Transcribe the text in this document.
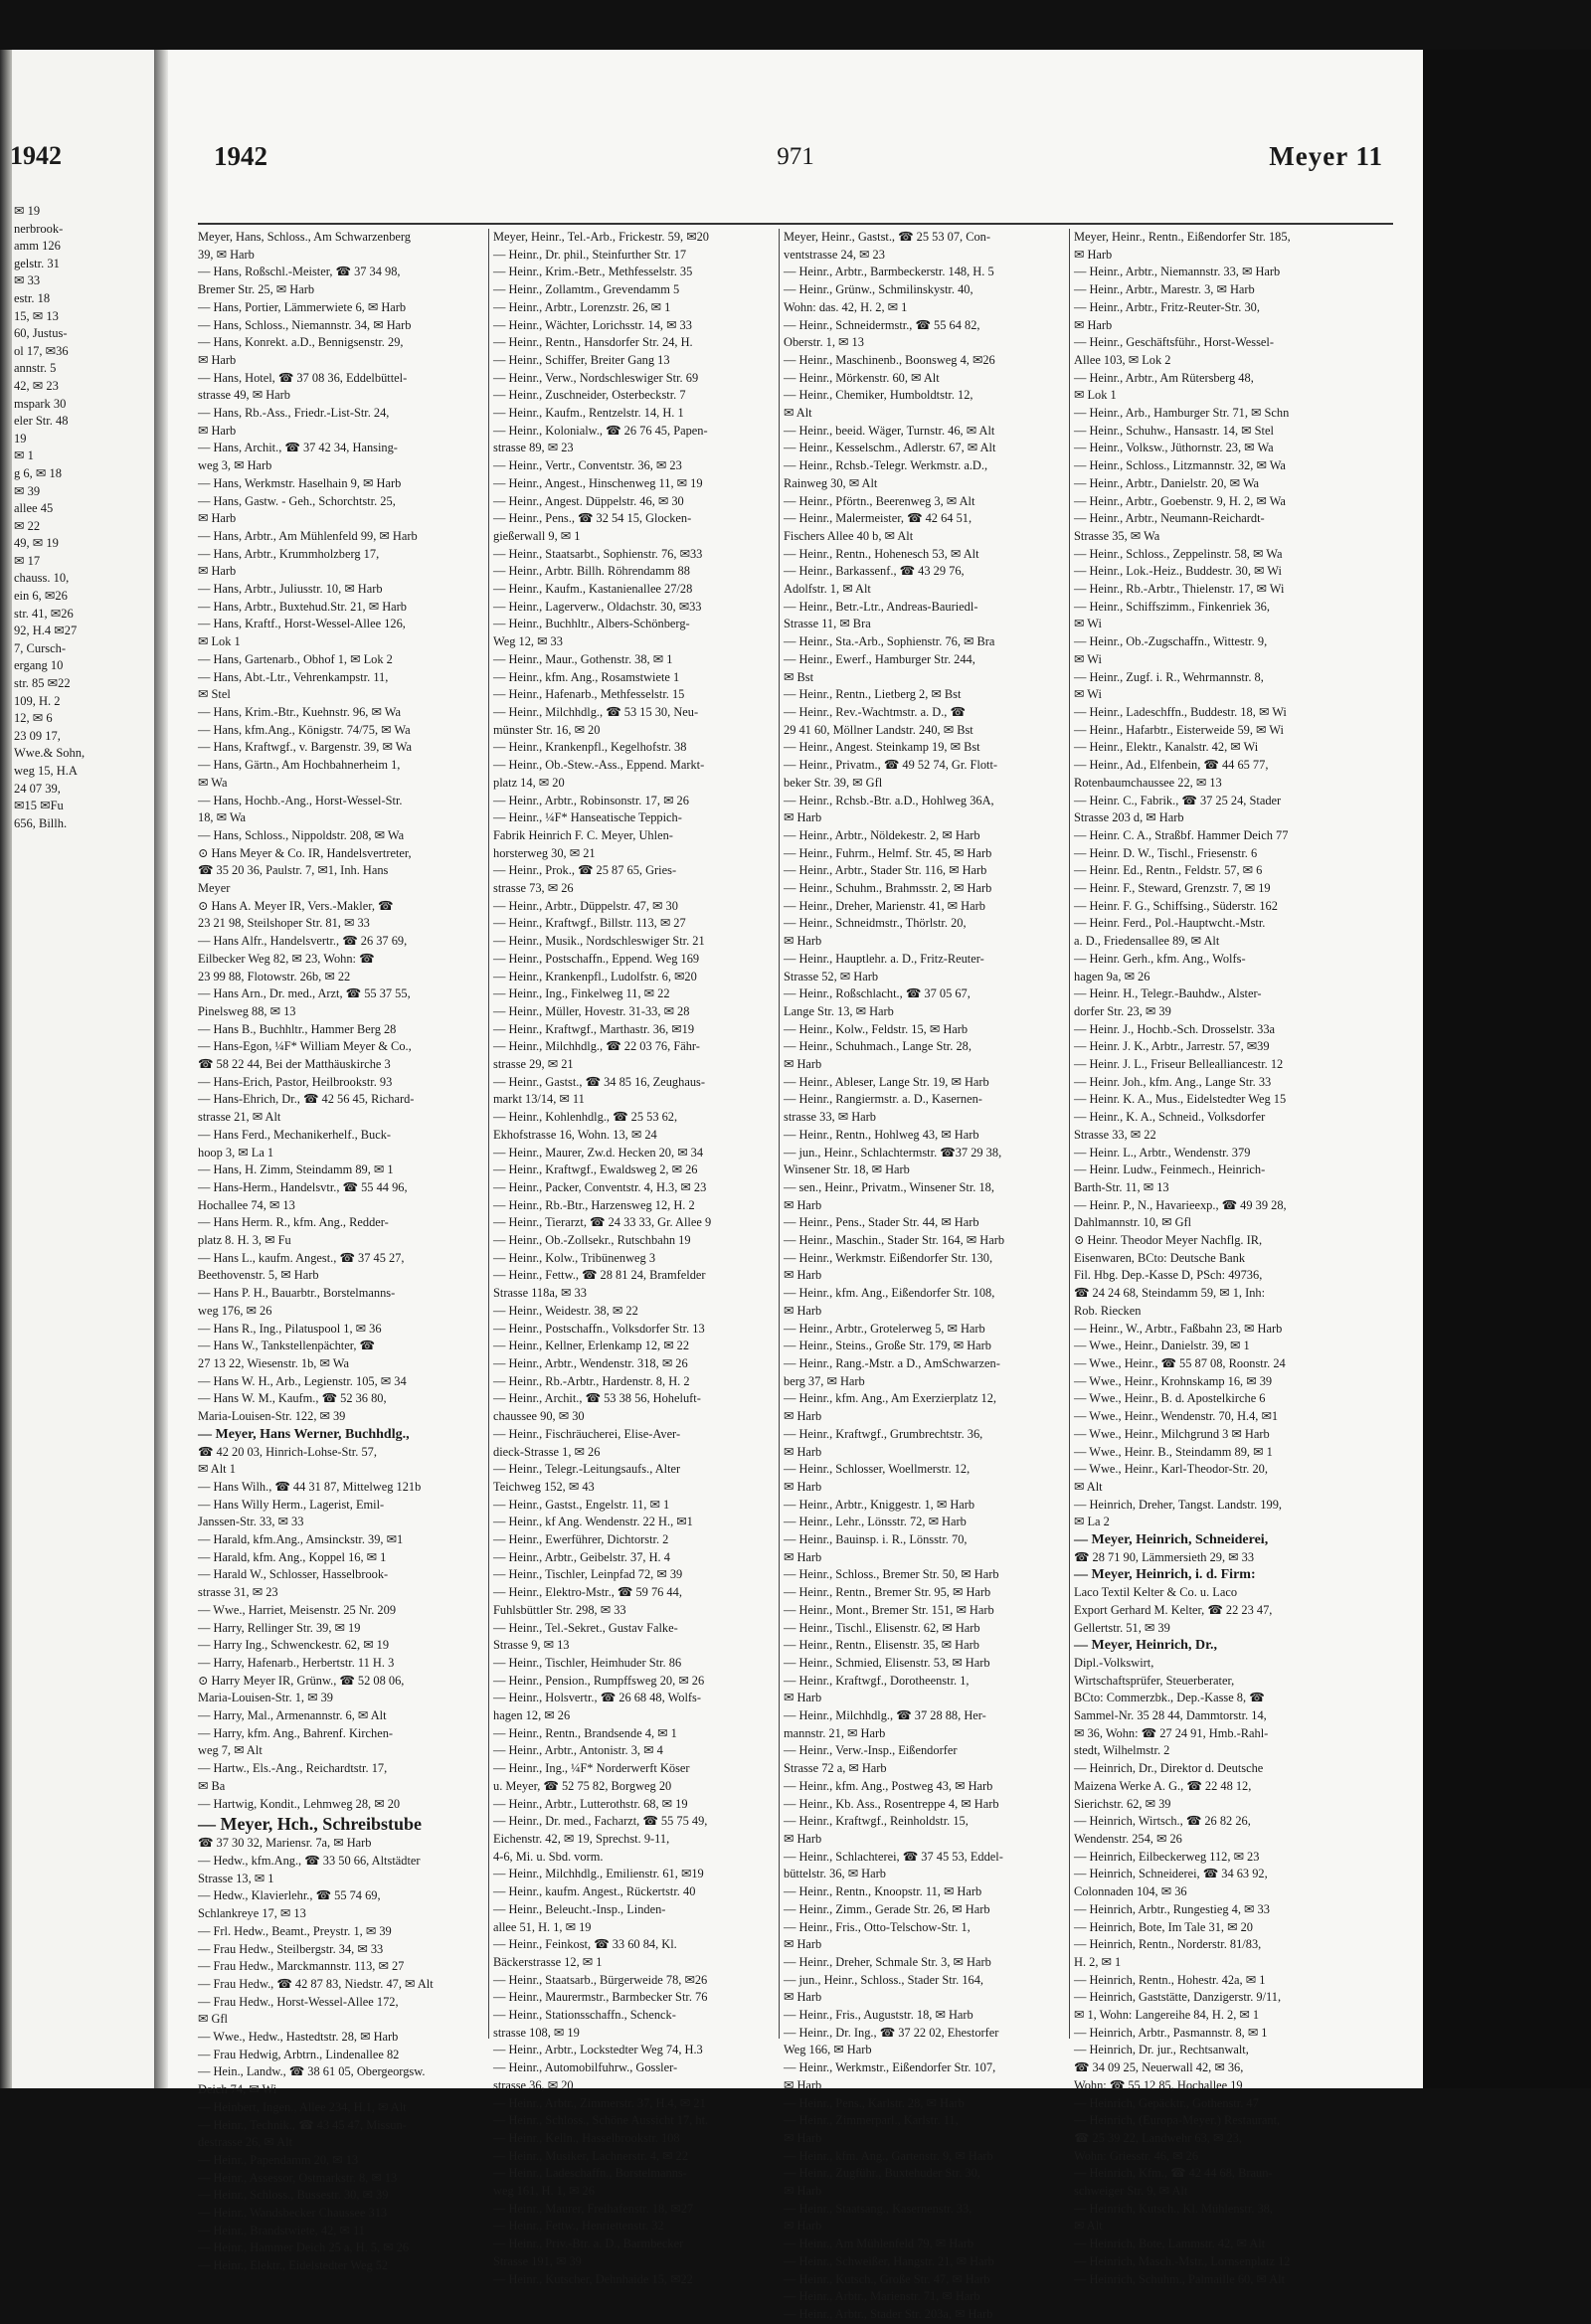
1942
✉ 19
nerbrook-
amm 126
gelstr. 31
✉ 33
estr. 18
15, ✉ 13
60, Justus-
ol 17, ✉36
annstr. 5
42, ✉ 23
mspark 30
eler Str. 48
19
✉ 1
g 6, ✉ 18
✉ 39
allee 45
✉ 22
49, ✉ 19
✉ 17
chauss. 10,
ein 6, ✉26
str. 41, ✉26
92, H.4 ✉27
7, Cursch-
ergang 10
str. 85 ✉22
109, H. 2
12, ✉ 6
23 09 17,
Wwe.& Sohn,
weg 15, H.A
24 07 39,
✉15 ✉Fu
656, Billh.
1942	971	Meyer 11
Meyer, Hans, Schloss., Am Schwarzenberg
39, ✉ Harb
— Hans, Roßschl.-Meister, ☎ 37 34 98,
Bremer Str. 25, ✉ Harb
— Hans, Portier, Lämmerwiete 6, ✉ Harb
— Hans, Schloss., Niemannstr. 34, ✉ Harb
— Hans, Konrekt. a.D., Bennigsenstr. 29,
✉ Harb
— Hans, Hotel, ☎ 37 08 36, Eddelbüttel-
strasse 49, ✉ Harb
— Hans, Rb.-Ass., Friedr.-List-Str. 24,
✉ Harb
— Hans, Archit., ☎ 37 42 34, Hansing-
weg 3, ✉ Harb
— Hans, Werkmstr. Haselhain 9, ✉ Harb
— Hans, Gastw. - Geh., Schorchtstr. 25,
✉ Harb
— Hans, Arbtr., Am Mühlenfeld 99, ✉ Harb
— Hans, Arbtr., Krummholzberg 17,
✉ Harb
— Hans, Arbtr., Juliusstr. 10, ✉ Harb
— Hans, Arbtr., Buxtehud.Str. 21, ✉ Harb
— Hans, Kraftf., Horst-Wessel-Allee 126,
✉ Lok 1
— Hans, Gartenarb., Obhof 1, ✉ Lok 2
— Hans, Abt.-Ltr., Vehrenkampstr. 11,
✉ Stel
— Hans, Krim.-Btr., Kuehnstr. 96, ✉ Wa
— Hans, kfm.Ang., Königstr. 74/75, ✉ Wa
— Hans, Kraftwgf., v. Bargenstr. 39, ✉ Wa
— Hans, Gärtn., Am Hochbahnerheim 1,
✉ Wa
— Hans, Hochb.-Ang., Horst-Wessel-Str.
18, ✉ Wa
— Hans, Schloss., Nippoldstr. 208, ✉ Wa
⊙ Hans Meyer & Co. IR, Handelsvertreter,
☎ 35 20 36, Paulstr. 7, ✉1, Inh. Hans
Meyer
⊙ Hans A. Meyer IR, Vers.-Makler, ☎
23 21 98, Steilshoper Str. 81, ✉ 33
— Hans Alfr., Handelsvertr., ☎ 26 37 69,
Eilbecker Weg 82, ✉ 23, Wohn: ☎
23 99 88, Flotowstr. 26b, ✉ 22
— Hans Arn., Dr. med., Arzt, ☎ 55 37 55,
Pinelsweg 88, ✉ 13
— Hans B., Buchhltr., Hammer Berg 28
— Hans-Egon, ¼F* William Meyer & Co.,
☎ 58 22 44, Bei der Matthäuskirche 3
— Hans-Erich, Pastor, Heilbrookstr. 93
— Hans-Ehrich, Dr., ☎ 42 56 45, Richard-
strasse 21, ✉ Alt
— Hans Ferd., Mechanikerhelf., Buck-
hoop 3, ✉ La 1
— Hans, H. Zimm, Steindamm 89, ✉ 1
— Hans-Herm., Handelsvtr., ☎ 55 44 96,
Hochallee 74, ✉ 13
— Hans Herm. R., kfm. Ang., Redder-
platz 8. H. 3, ✉ Fu
— Hans L., kaufm. Angest., ☎ 37 45 27,
Beethovenstr. 5, ✉ Harb
— Hans P. H., Bauarbtr., Borstelmanns-
weg 176, ✉ 26
— Hans R., Ing., Pilatuspool 1, ✉ 36
— Hans W., Tankstellenpächter, ☎
27 13 22, Wiesenstr. 1b, ✉ Wa
— Hans W. H., Arb., Legienstr. 105, ✉ 34
— Hans W. M., Kaufm., ☎ 52 36 80,
Maria-Louisen-Str. 122, ✉ 39
— Meyer, Hans Werner, Buchhdlg.,
☎ 42 20 03, Hinrich-Lohse-Str. 57,
✉ Alt 1
— Hans Wilh., ☎ 44 31 87, Mittelweg 121b
— Hans Willy Herm., Lagerist, Emil-
Janssen-Str. 33, ✉ 33
— Harald, kfm.Ang., Amsinckstr. 39, ✉1
— Harald, kfm. Ang., Koppel 16, ✉ 1
— Harald W., Schlosser, Hasselbrook-
strasse 31, ✉ 23
— Wwe., Harriet, Meisenstr. 25 Nr. 209
— Harry, Rellinger Str. 39, ✉ 19
— Harry Ing., Schwenckestr. 62, ✉ 19
— Harry, Hafenarb., Herbertstr. 11 H. 3
⊙ Harry Meyer IR, Grünw., ☎ 52 08 06,
Maria-Louisen-Str. 1, ✉ 39
— Harry, Mal., Armenannstr. 6, ✉ Alt
— Harry, kfm. Ang., Bahrenf. Kirchen-
weg 7, ✉ Alt
— Hartw., Els.-Ang., Reichardtstr. 17,
✉ Ba
— Hartwig, Kondit., Lehmweg 28, ✉ 20
— Meyer, Hch., Schreibstube
☎ 37 30 32, Mariensr. 7a, ✉ Harb
— Hedw., kfm.Ang., ☎ 33 50 66, Altstädter
Strasse 13, ✉ 1
— Hedw., Klavierlehr., ☎ 55 74 69,
Schlankreye 17, ✉ 13
— Frl. Hedw., Beamt., Preystr. 1, ✉ 39
— Frau Hedw., Steilbergstr. 34, ✉ 33
— Frau Hedw., Marckmannstr. 113, ✉ 27
— Frau Hedw., ☎ 42 87 83, Niedstr. 47, ✉ Alt
— Frau Hedw., Horst-Wessel-Allee 172,
✉ Gfl
— Wwe., Hedw., Hastedtstr. 28, ✉ Harb
— Frau Hedwig, Arbtrn., Lindenallee 82
— Hein., Landw., ☎ 38 61 05, Obergeorgsw.
Deich 74, ✉ Wi
— Heinbert, Ingen., Allee 234, H.1, ✉ Alt
— Heinr., Technik., ☎ 43 45 47, Missun-
destrasse 26, ✉ Alt
— Heinr., Papendamm 20, ✉ 13
— Heinr., Assessor, Ostmarkstr. 8, ✉ 13
— Heinr., Schloss., Bussestr. 30, ✉ 39
— Heinr., Wandsbecker Chaussee 313
— Heinr., Brandstwiete, 42, ✉ 11
— Heinr., Hammer Deich 25 a, H. 5, ✉ 26
— Heinr., Elektr., Eidelstedter Weg 52
Meyer, Heinr., Tel.-Arb., Frickestr. 59, ✉20
— Heinr., Dr. phil., Steinfurther Str. 17
— Heinr., Krim.-Betr., Methfesselstr. 35
— Heinr., Zollamtm., Grevendamm 5
— Heinr., Arbtr., Lorenzstr. 26, ✉ 1
— Heinr., Wächter, Lorichsstr. 14, ✉ 33
— Heinr., Rentn., Hansdorfer Str. 24, H.
— Heinr., Schiffer, Breiter Gang 13
— Heinr., Verw., Nordschleswiger Str. 69
— Heinr., Zuschneider, Osterbeckstr. 7
— Heinr., Kaufm., Rentzelstr. 14, H. 1
— Heinr., Kolonialw., ☎ 26 76 45, Papen-
strasse 89, ✉ 23
— Heinr., Vertr., Conventstr. 36, ✉ 23
— Heinr., Angest., Hinschenweg 11, ✉ 19
— Heinr., Angest. Düppelstr. 46, ✉ 30
— Heinr., Pens., ☎ 32 54 15, Glocken-
gießerwall 9, ✉ 1
— Heinr., Staatsarbt., Sophienstr. 76, ✉33
— Heinr., Arbtr. Billh. Röhrendamm 88
— Heinr., Kaufm., Kastanienallee 27/28
— Heinr., Lagerverw., Oldachstr. 30, ✉33
— Heinr., Buchhltr., Albers-Schönberg-
Weg 12, ✉ 33
— Heinr., Maur., Gothenstr. 38, ✉ 1
— Heinr., kfm. Ang., Rosamstwiete 1
— Heinr., Hafenarb., Methfesselstr. 15
— Heinr., Milchhdlg., ☎ 53 15 30, Neu-
münster Str. 16, ✉ 20
— Heinr., Krankenpfl., Kegelhofstr. 38
— Heinr., Ob.-Stew.-Ass., Eppend. Markt-
platz 14, ✉ 20
— Heinr., Arbtr., Robinsonstr. 17, ✉ 26
— Heinr., ¼F* Hanseatische Teppich-
Fabrik Heinrich F. C. Meyer, Uhlen-
horsterweg 30, ✉ 21
— Heinr., Prok., ☎ 25 87 65, Gries-
strasse 73, ✉ 26
— Heinr., Arbtr., Düppelstr. 47, ✉ 30
— Heinr., Kraftwgf., Billstr. 113, ✉ 27
— Heinr., Musik., Nordschleswiger Str. 21
— Heinr., Postschaffn., Eppend. Weg 169
— Heinr., Krankenpfl., Ludolfstr. 6, ✉20
— Heinr., Ing., Finkelweg 11, ✉ 22
— Heinr., Müller, Hovestr. 31-33, ✉ 28
— Heinr., Kraftwgf., Marthastr. 36, ✉19
— Heinr., Milchhdlg., ☎ 22 03 76, Fähr-
strasse 29, ✉ 21
— Heinr., Gastst., ☎ 34 85 16, Zeughaus-
markt 13/14, ✉ 11
— Heinr., Kohlenhdlg., ☎ 25 53 62,
Ekhofstrasse 16, Wohn. 13, ✉ 24
— Heinr., Maurer, Zw.d. Hecken 20, ✉ 34
— Heinr., Kraftwgf., Ewaldsweg 2, ✉ 26
— Heinr., Packer, Conventstr. 4, H.3, ✉ 23
— Heinr., Rb.-Btr., Harzensweg 12, H. 2
— Heinr., Tierarzt, ☎ 24 33 33, Gr. Allee 9
— Heinr., Ob.-Zollsekr., Rutschbahn 19
— Heinr., Kolw., Tribünenweg 3
— Heinr., Fettw., ☎ 28 81 24, Bramfelder
Strasse 118a, ✉ 33
— Heinr., Weidestr. 38, ✉ 22
— Heinr., Postschaffn., Volksdorfer Str. 13
— Heinr., Kellner, Erlenkamp 12, ✉ 22
— Heinr., Arbtr., Wendenstr. 318, ✉ 26
— Heinr., Rb.-Arbtr., Hardenstr. 8, H. 2
— Heinr., Archit., ☎ 53 38 56, Hoheluft-
chaussee 90, ✉ 30
— Heinr., Fischräucherei, Elise-Aver-
dieck-Strasse 1, ✉ 26
— Heinr., Telegr.-Leitungsaufs., Alter
Teichweg 152, ✉ 43
— Heinr., Gastst., Engelstr. 11, ✉ 1
— Heinr., kf Ang. Wendenstr. 22 H., ✉1
— Heinr., Ewerführer, Dichtorstr. 2
— Heinr., Arbtr., Geibelstr. 37, H. 4
— Heinr., Tischler, Leinpfad 72, ✉ 39
— Heinr., Elektro-Mstr., ☎ 59 76 44,
Fuhlsbüttler Str. 298, ✉ 33
— Heinr., Tel.-Sekret., Gustav Falke-
Strasse 9, ✉ 13
— Heinr., Tischler, Heimhuder Str. 86
— Heinr., Pension., Rumpffsweg 20, ✉ 26
— Heinr., Holsvertr., ☎ 26 68 48, Wolfs-
hagen 12, ✉ 26
— Heinr., Rentn., Brandsende 4, ✉ 1
— Heinr., Arbtr., Antonistr. 3, ✉ 4
— Heinr., Ing., ¼F* Norderwerft Köser
u. Meyer, ☎ 52 75 82, Borgweg 20
— Heinr., Arbtr., Lutterothstr. 68, ✉ 19
— Heinr., Dr. med., Facharzt, ☎ 55 75 49,
Eichenstr. 42, ✉ 19, Sprechst. 9-11,
4-6, Mi. u. Sbd. vorm.
— Heinr., Milchhdlg., Emilienstr. 61, ✉19
— Heinr., kaufm. Angest., Rückertstr. 40
— Heinr., Beleucht.-Insp., Linden-
allee 51, H. 1, ✉ 19
— Heinr., Feinkost, ☎ 33 60 84, Kl.
Bäckerstrasse 12, ✉ 1
— Heinr., Staatsarb., Bürgerweide 78, ✉26
— Heinr., Maurermstr., Barmbecker Str. 76
— Heinr., Stationsschaffn., Schenck-
strasse 108, ✉ 19
— Heinr., Arbtr., Lockstedter Weg 74, H.3
— Heinr., Automobilfuhrw., Gossler-
strasse 36, ✉ 20
— Heinr., Arbtr., Zimmerstr. 37, H.4, ✉ 21
— Heinr., Schloss., Schöne Aussicht 17, ht.
— Heinr., Kelln., Hasselbrookstr. 108
— Heinr., Musiker, Lachnerstr. 4, ✉ 22
— Heinr., Ladeschaffn., Borstelmanns-
weg 161, H. 1, ✉ 26
— Heinr., Maurer, Freihafenstr. 18, ✉27
— Heinr., Fettw., Henriettenstr. 32
— Heinr., Priv.-Btr. a. D., Barmbecker
Strasse 191, ✉ 39
— Heinr., Kutscher, Dehnhaide 15, ✉22
Meyer, Heinr., Gastst., ☎ 25 53 07, Con-
ventstrasse 24, ✉ 23
— Heinr., Arbtr., Barmbeckerstr. 148, H. 5
— Heinr., Grünw., Schmilinskystr. 40,
Wohn: das. 42, H. 2, ✉ 1
— Heinr., Schneidermstr., ☎ 55 64 82,
Oberstr. 1, ✉ 13
— Heinr., Maschinenb., Boonsweg 4, ✉26
— Heinr., Mörkenstr. 60, ✉ Alt
— Heinr., Chemiker, Humboldtstr. 12,
✉ Alt
— Heinr., beeid. Wäger, Turnstr. 46, ✉ Alt
— Heinr., Kesselschm., Adlerstr. 67, ✉ Alt
— Heinr., Rchsb.-Telegr. Werkmstr. a.D.,
Rainweg 30, ✉ Alt
— Heinr., Pförtn., Beerenweg 3, ✉ Alt
— Heinr., Malermeister, ☎ 42 64 51,
Fischers Allee 40 b, ✉ Alt
— Heinr., Rentn., Hohenesch 53, ✉ Alt
— Heinr., Barkassenf., ☎ 43 29 76,
Adolfstr. 1, ✉ Alt
— Heinr., Betr.-Ltr., Andreas-Bauriedl-
Strasse 11, ✉ Bra
— Heinr., Sta.-Arb., Sophienstr. 76, ✉ Bra
— Heinr., Ewerf., Hamburger Str. 244,
✉ Bst
— Heinr., Rentn., Lietberg 2, ✉ Bst
— Heinr., Rev.-Wachtmstr. a. D., ☎
29 41 60, Möllner Landstr. 240, ✉ Bst
— Heinr., Angest. Steinkamp 19, ✉ Bst
— Heinr., Privatm., ☎ 49 52 74, Gr. Flott-
beker Str. 39, ✉ Gfl
— Heinr., Rchsb.-Btr. a.D., Hohlweg 36A,
✉ Harb
— Heinr., Arbtr., Nöldekestr. 2, ✉ Harb
— Heinr., Fuhrm., Helmf. Str. 45, ✉ Harb
— Heinr., Arbtr., Stader Str. 116, ✉ Harb
— Heinr., Schuhm., Brahmsstr. 2, ✉ Harb
— Heinr., Dreher, Marienstr. 41, ✉ Harb
— Heinr., Schneidmstr., Thörlstr. 20,
✉ Harb
— Heinr., Hauptlehr. a. D., Fritz-Reuter-
Strasse 52, ✉ Harb
— Heinr., Roßschlacht., ☎ 37 05 67,
Lange Str. 13, ✉ Harb
— Heinr., Kolw., Feldstr. 15, ✉ Harb
— Heinr., Schuhmach., Lange Str. 28,
✉ Harb
— Heinr., Ableser, Lange Str. 19, ✉ Harb
— Heinr., Rangiermstr. a. D., Kasernen-
strasse 33, ✉ Harb
— Heinr., Rentn., Hohlweg 43, ✉ Harb
— jun., Heinr., Schlachtermstr. ☎37 29 38,
Winsener Str. 18, ✉ Harb
— sen., Heinr., Privatm., Winsener Str. 18,
✉ Harb
— Heinr., Pens., Stader Str. 44, ✉ Harb
— Heinr., Maschin., Stader Str. 164, ✉ Harb
— Heinr., Werkmstr. Eißendorfer Str. 130,
✉ Harb
— Heinr., kfm. Ang., Eißendorfer Str. 108,
✉ Harb
— Heinr., Arbtr., Grotelerweg 5, ✉ Harb
— Heinr., Steins., Große Str. 179, ✉ Harb
— Heinr., Rang.-Mstr. a D., AmSchwarzen-
berg 37, ✉ Harb
— Heinr., kfm. Ang., Am Exerzierplatz 12,
✉ Harb
— Heinr., Kraftwgf., Grumbrechtstr. 36,
✉ Harb
— Heinr., Schlosser, Woellmerstr. 12,
✉ Harb
— Heinr., Arbtr., Kniggestr. 1, ✉ Harb
— Heinr., Lehr., Lönsstr. 72, ✉ Harb
— Heinr., Bauinsp. i. R., Lönsstr. 70,
✉ Harb
— Heinr., Schloss., Bremer Str. 50, ✉ Harb
— Heinr., Rentn., Bremer Str. 95, ✉ Harb
— Heinr., Mont., Bremer Str. 151, ✉ Harb
— Heinr., Tischl., Elisenstr. 62, ✉ Harb
— Heinr., Rentn., Elisenstr. 35, ✉ Harb
— Heinr., Schmied, Elisenstr. 53, ✉ Harb
— Heinr., Kraftwgf., Dorotheenstr. 1,
✉ Harb
— Heinr., Milchhdlg., ☎ 37 28 88, Her-
mannstr. 21, ✉ Harb
— Heinr., Verw.-Insp., Eißendorfer
Strasse 72 a, ✉ Harb
— Heinr., kfm. Ang., Postweg 43, ✉ Harb
— Heinr., Kb. Ass., Rosentreppe 4, ✉ Harb
— Heinr., Kraftwgf., Reinholdstr. 15,
✉ Harb
— Heinr., Schlachterei, ☎ 37 45 53, Eddel-
büttelstr. 36, ✉ Harb
— Heinr., Rentn., Knoopstr. 11, ✉ Harb
— Heinr., Zimm., Gerade Str. 26, ✉ Harb
— Heinr., Fris., Otto-Telschow-Str. 1,
✉ Harb
— Heinr., Dreher, Schmale Str. 3, ✉ Harb
— jun., Heinr., Schloss., Stader Str. 164,
✉ Harb
— Heinr., Fris., Auguststr. 18, ✉ Harb
— Heinr., Dr. Ing., ☎ 37 22 02, Ehestorfer
Weg 166, ✉ Harb
— Heinr., Werkmstr., Eißendorfer Str. 107,
✉ Harb
— Heinr., Pens., Karlstr. 28, ✉ Harb
— Heinr., Zimmerparl., Karlstr. 11,
✉ Harb
— Heinr., kfm. Ang., Gartenstr. 9, ✉ Harb
— Heinr., Zugführ., Buxtehuder Str. 30,
✉ Harb
— Heinr., Staatsang., Kasernenstr. 33,
✉ Harb
— Heinr., Am Mühlenfeld 79, ✉ Harb
— Heinr., Schweißer, Hangstr. 21, ✉ Harb
— Heinr., Kutsch., Große Str. 47, ✉ Harb
— Heinr., Arbtr., Marienstr. 71, ✉ Harb
— Heinr., Arbtr., Stader Str. 203a, ✉ Harb
Meyer, Heinr., Rentn., Eißendorfer Str. 185,
✉ Harb
— Heinr., Arbtr., Niemannstr. 33, ✉ Harb
— Heinr., Arbtr., Marestr. 3, ✉ Harb
— Heinr., Arbtr., Fritz-Reuter-Str. 30,
✉ Harb
— Heinr., Geschäftsführ., Horst-Wessel-
Allee 103, ✉ Lok 2
— Heinr., Arbtr., Am Rütersberg 48,
✉ Lok 1
— Heinr., Arb., Hamburger Str. 71, ✉ Schn
— Heinr., Schuhw., Hansastr. 14, ✉ Stel
— Heinr., Volksw., Jüthornstr. 23, ✉ Wa
— Heinr., Schloss., Litzmannstr. 32, ✉ Wa
— Heinr., Arbtr., Danielstr. 20, ✉ Wa
— Heinr., Arbtr., Goebenstr. 9, H. 2, ✉ Wa
— Heinr., Arbtr., Neumann-Reichardt-
Strasse 35, ✉ Wa
— Heinr., Schloss., Zeppelinstr. 58, ✉ Wa
— Heinr., Lok.-Heiz., Buddestr. 30, ✉ Wi
— Heinr., Rb.-Arbtr., Thielenstr. 17, ✉ Wi
— Heinr., Schiffszimm., Finkenriek 36,
✉ Wi
— Heinr., Ob.-Zugschaffn., Wittestr. 9,
✉ Wi
— Heinr., Zugf. i. R., Wehrmannstr. 8,
✉ Wi
— Heinr., Ladeschffn., Buddestr. 18, ✉ Wi
— Heinr., Hafarbtr., Eisterweide 59, ✉ Wi
— Heinr., Elektr., Kanalstr. 42, ✉ Wi
— Heinr., Ad., Elfenbein, ☎ 44 65 77,
Rotenbaumchaussee 22, ✉ 13
— Heinr. C., Fabrik., ☎ 37 25 24, Stader
Strasse 203 d, ✉ Harb
— Heinr. C. A., Straßbf. Hammer Deich 77
— Heinr. D. W., Tischl., Friesenstr. 6
— Heinr. Ed., Rentn., Feldstr. 57, ✉ 6
— Heinr. F., Steward, Grenzstr. 7, ✉ 19
— Heinr. F. G., Schiffsing., Süderstr. 162
— Heinr. Ferd., Pol.-Hauptwcht.-Mstr.
a. D., Friedensallee 89, ✉ Alt
— Heinr. Gerh., kfm. Ang., Wolfs-
hagen 9a, ✉ 26
— Heinr. H., Telegr.-Bauhdw., Alster-
dorfer Str. 23, ✉ 39
— Heinr. J., Hochb.-Sch. Drosselstr. 33a
— Heinr. J. K., Arbtr., Jarrestr. 57, ✉39
— Heinr. J. L., Friseur Bellealliancestr. 12
— Heinr. Joh., kfm. Ang., Lange Str. 33
— Heinr. K. A., Mus., Eidelstedter Weg 15
— Heinr., K. A., Schneid., Volksdorfer
Strasse 33, ✉ 22
— Heinr. L., Arbtr., Wendenstr. 379
— Heinr. Ludw., Feinmech., Heinrich-
Barth-Str. 11, ✉ 13
— Heinr. P., N., Havarieexp., ☎ 49 39 28,
Dahlmannstr. 10, ✉ Gfl
⊙ Heinr. Theodor Meyer Nachflg. IR,
Eisenwaren, BCto: Deutsche Bank
Fil. Hbg. Dep.-Kasse D, PSch: 49736,
☎ 24 24 68, Steindamm 59, ✉ 1, Inh:
Rob. Riecken
— Heinr., W., Arbtr., Faßbahn 23, ✉ Harb
— Wwe., Heinr., Danielstr. 39, ✉ 1
— Wwe., Heinr., ☎ 55 87 08, Roonstr. 24
— Wwe., Heinr., Krohnskamp 16, ✉ 39
— Wwe., Heinr., B. d. Apostelkirche 6
— Wwe., Heinr., Wendenstr. 70, H.4, ✉1
— Wwe., Heinr., Milchgrund 3 ✉ Harb
— Wwe., Heinr. B., Steindamm 89, ✉ 1
— Wwe., Heinr., Karl-Theodor-Str. 20,
✉ Alt
— Heinrich, Dreher, Tangst. Landstr. 199,
✉ La 2
— Meyer, Heinrich, Schneiderei,
☎ 28 71 90, Lämmersieth 29, ✉ 33
— Meyer, Heinrich, i. d. Firm:
Laco Textil Kelter & Co. u. Laco
Export Gerhard M. Kelter, ☎ 22 23 47,
Gellertstr. 51, ✉ 39
— Meyer, Heinrich, Dr.,
Dipl.-Volkswirt,
Wirtschaftsprüfer, Steuerberater,
BCto: Commerzbk., Dep.-Kasse 8, ☎
Sammel-Nr. 35 28 44, Dammtorstr. 14,
✉ 36, Wohn: ☎ 27 24 91, Hmb.-Rahl-
stedt, Wilhelmstr. 2
— Heinrich, Dr., Direktor d. Deutsche
Maizena Werke A. G., ☎ 22 48 12,
Sierichstr. 62, ✉ 39
— Heinrich, Wirtsch., ☎ 26 82 26,
Wendenstr. 254, ✉ 26
— Heinrich, Eilbeckerweg 112, ✉ 23
— Heinrich, Schneiderei, ☎ 34 63 92,
Colonnaden 104, ✉ 36
— Heinrich, Arbtr., Rungestieg 4, ✉ 33
— Heinrich, Bote, Im Tale 31, ✉ 20
— Heinrich, Rentn., Norderstr. 81/83,
H. 2, ✉ 1
— Heinrich, Rentn., Hohestr. 42a, ✉ 1
— Heinrich, Gaststätte, Danzigerstr. 9/11,
✉ 1, Wohn: Langereihe 84, H. 2, ✉ 1
— Heinrich, Arbtr., Pasmannstr. 8, ✉ 1
— Heinrich, Dr. jur., Rechtsanwalt,
☎ 34 09 25, Neuerwall 42, ✉ 36,
Wohn: ☎ 55 12 85, Hochallee 19
— Heinrich, Gepäcktr., Gothenstr. 47
— Heinrich, (Europa-Meyer.) Restaurant,
☎ 25 39 22, Landwehr 63, ✉ 23,
Wohn: Griesstr. 46, ✉ 26
— Heinrich, Kfm., ☎ 42 44 68, Braun-
schweiger Str. 9, ✉ Alt
— Heinrich, Kutsch., Kl. Mühlenstr. 38,
✉ Alt
— Heinrich, Bote, Lammstr. 42, ✉ Alt
— Heinrich, Masch.-Mstr., Lornsenplatz 12
— Heinrich, Schuhm., Palmaille 60, ✉ Alt
